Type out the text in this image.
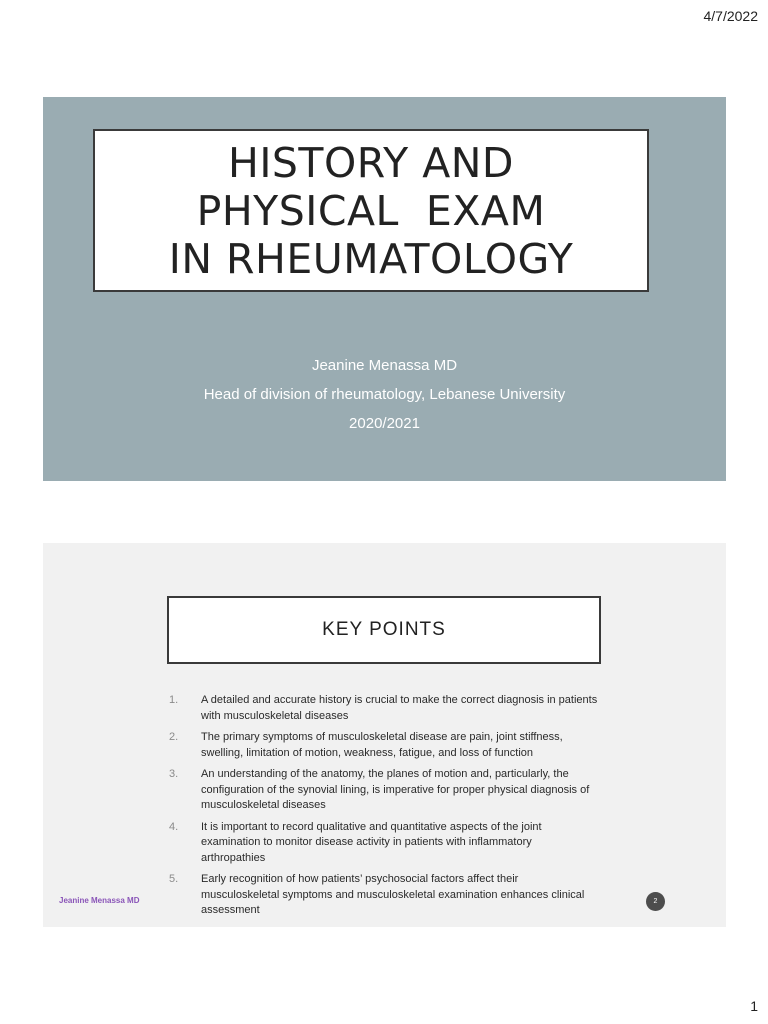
4/7/2022
HISTORY AND
PHYSICAL  EXAM
IN RHEUMATOLOGY
Jeanine Menassa MD
Head of division of rheumatology, Lebanese University
2020/2021
KEY POINTS
1.	A detailed and accurate history is crucial to make the correct diagnosis in patients with musculoskeletal diseases
2.	The primary symptoms of musculoskeletal disease are pain, joint stiffness, swelling, limitation of motion, weakness, fatigue, and loss of function
3.	An understanding of the anatomy, the planes of motion and, particularly, the configuration of the synovial lining, is imperative for proper physical diagnosis of musculoskeletal diseases
4.	It is important to record qualitative and quantitative aspects of the joint examination to monitor disease activity in patients with inflammatory arthropathies
5.	Early recognition of how patients’ psychosocial factors affect their musculoskeletal symptoms and musculoskeletal examination enhances clinical assessment
Jeanine Menassa MD	2
1
